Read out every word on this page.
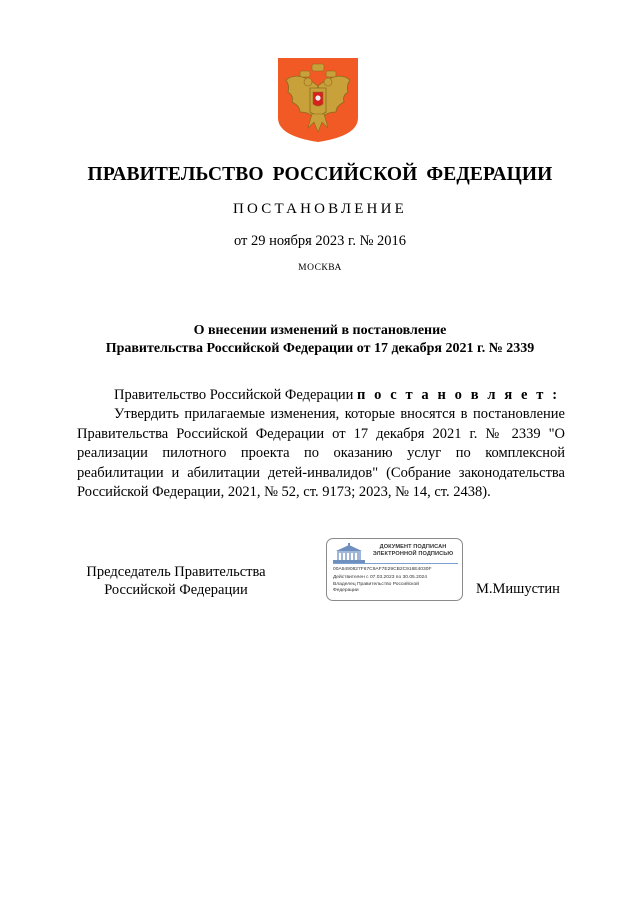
ПРАВИТЕЛЬСТВО РОССИЙСКОЙ ФЕДЕРАЦИИ
ПОСТАНОВЛЕНИЕ
от 29 ноября 2023 г. № 2016
МОСКВА
О внесении изменений в постановление
Правительства Российской Федерации от 17 декабря 2021 г. № 2339
Правительство Российской Федерации п о с т а н о в л я е т :
Утвердить прилагаемые изменения, которые вносятся в постановление Правительства Российской Федерации от 17 декабря 2021 г. № 2339 "О реализации пилотного проекта по оказанию услуг по комплексной реабилитации и абилитации детей-инвалидов" (Собрание законодательства Российской Федерации, 2021, № 52, ст. 9173; 2023, № 14, ст. 2438).
Председатель Правительства
Российской Федерации
ДОКУМЕНТ ПОДПИСАН
ЭЛЕКТРОННОЙ ПОДПИСЬЮ
00A5490827F67C9AF7E29CB2C916E4030F
Действителен с 07.03.2023 по 30.05.2024
Владелец Правительство Российской Федерации	М.Мишустин
